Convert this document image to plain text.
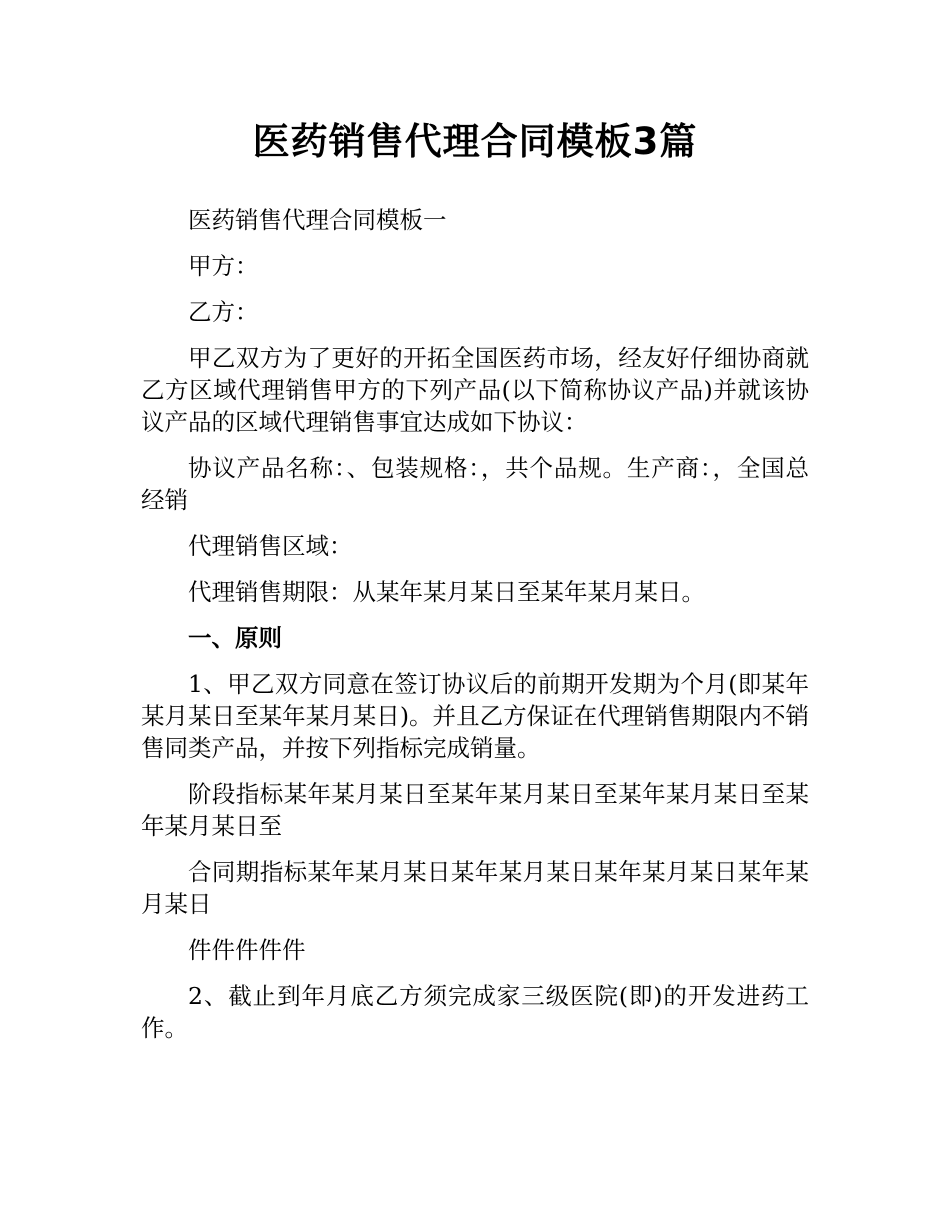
医药销售代理合同模板3篇

医药销售代理合同模板一

甲方：

乙方：

甲乙双方为了更好的开拓全国医药市场，经友好仔细协商就乙方区域代理销售甲方的下列产品(以下简称协议产品)并就该协议产品的区域代理销售事宜达成如下协议：

协议产品名称：、包装规格：，共个品规。生产商：，全国总经销

代理销售区域：

代理销售期限：从某年某月某日至某年某月某日。

一、原则

1、甲乙双方同意在签订协议后的前期开发期为个月(即某年某月某日至某年某月某日)。并且乙方保证在代理销售期限内不销售同类产品，并按下列指标完成销量。

阶段指标某年某月某日至某年某月某日至某年某月某日至某年某月某日至

合同期指标某年某月某日某年某月某日某年某月某日某年某月某日

件件件件件

2、截止到年月底乙方须完成家三级医院(即)的开发进药工作。
